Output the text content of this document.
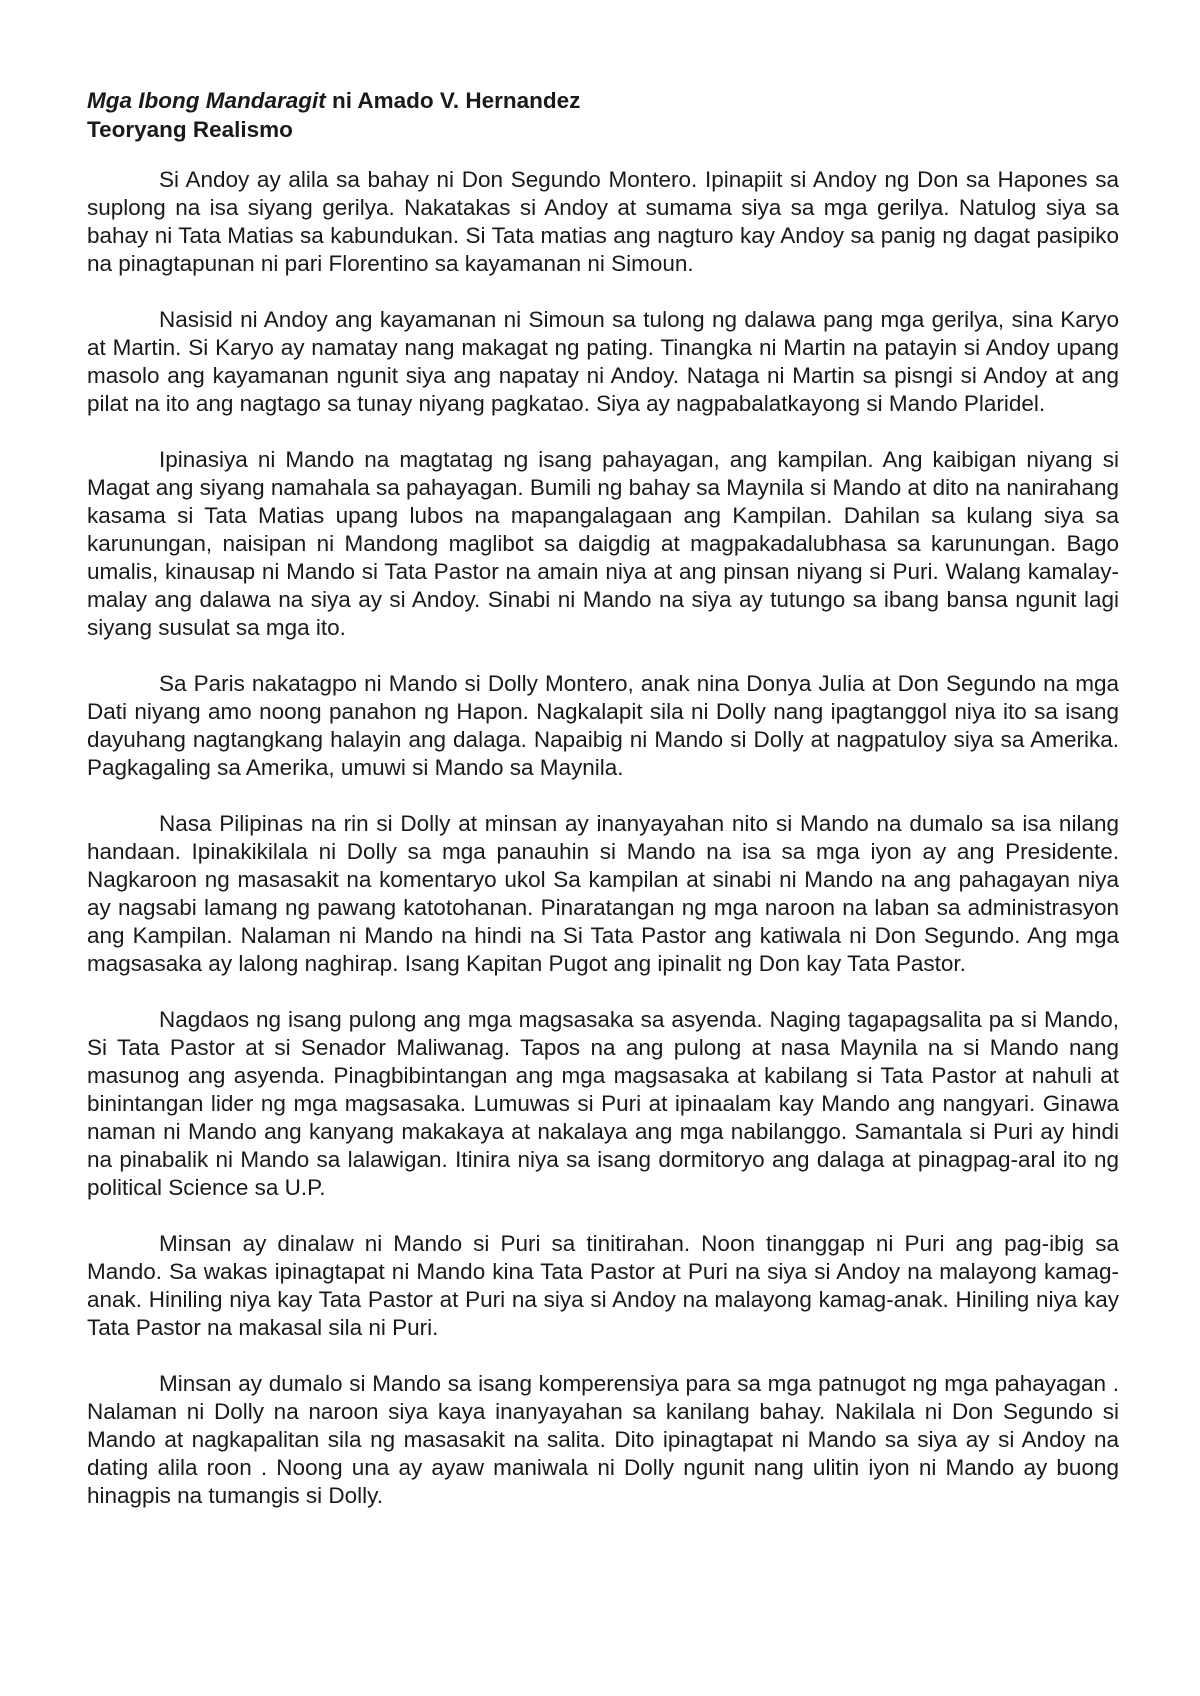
Mga Ibong Mandaragit ni Amado V. Hernandez
Teoryang Realismo

Si Andoy ay alila sa bahay ni Don Segundo Montero. Ipinapiit si Andoy ng Don sa Hapones sa suplong na isa siyang gerilya. Nakatakas si Andoy at sumama siya sa mga gerilya. Natulog siya sa bahay ni Tata Matias sa kabundukan. Si Tata matias ang nagturo kay Andoy sa panig ng dagat pasipiko na pinagtapunan ni pari Florentino sa kayamanan ni Simoun.

Nasisid ni Andoy ang kayamanan ni Simoun sa tulong ng dalawa pang mga gerilya, sina Karyo at Martin. Si Karyo ay namatay nang makagat ng pating. Tinangka ni Martin na patayin si Andoy upang masolo ang kayamanan ngunit siya ang napatay ni Andoy. Nataga ni Martin sa pisngi si Andoy at ang pilat na ito ang nagtago sa tunay niyang pagkatao. Siya ay nagpabalatkayong si Mando Plaridel.

Ipinasiya ni Mando na magtatag ng isang pahayagan, ang kampilan. Ang kaibigan niyang si Magat ang siyang namahala sa pahayagan. Bumili ng bahay sa Maynila si Mando at dito na nanirahang kasama si Tata Matias upang lubos na mapangalagaan ang Kampilan. Dahilan sa kulang siya sa karunungan, naisipan ni Mandong maglibot sa daigdig at magpakadalubhasa sa karunungan. Bago umalis, kinausap ni Mando si Tata Pastor na amain niya at ang pinsan niyang si Puri. Walang kamalay-malay ang dalawa na siya ay si Andoy. Sinabi ni Mando na siya ay tutungo sa ibang bansa ngunit lagi siyang susulat sa mga ito.

Sa Paris nakatagpo ni Mando si Dolly Montero, anak nina Donya Julia at Don Segundo na mga Dati niyang amo noong panahon ng Hapon. Nagkalapit sila ni Dolly nang ipagtanggol niya ito sa isang dayuhang nagtangkang halayin ang dalaga. Napaibig ni Mando si Dolly at nagpatuloy siya sa Amerika. Pagkagaling sa Amerika, umuwi si Mando sa Maynila.

Nasa Pilipinas na rin si Dolly at minsan ay inanyayahan nito si Mando na dumalo sa isa nilang handaan. Ipinakikilala ni Dolly sa mga panauhin si Mando na isa sa mga iyon ay ang Presidente. Nagkaroon ng masasakit na komentaryo ukol Sa kampilan at sinabi ni Mando na ang pahagayan niya ay nagsabi lamang ng pawang katotohanan. Pinaratangan ng mga naroon na laban sa administrasyon ang Kampilan. Nalaman ni Mando na hindi na Si Tata Pastor ang katiwala ni Don Segundo. Ang mga magsasaka ay lalong naghirap. Isang Kapitan Pugot ang ipinalit ng Don kay Tata Pastor.

Nagdaos ng isang pulong ang mga magsasaka sa asyenda. Naging tagapagsalita pa si Mando, Si Tata Pastor at si Senador Maliwanag. Tapos na ang pulong at nasa Maynila na si Mando nang masunog ang asyenda. Pinagbibintangan ang mga magsasaka at kabilang si Tata Pastor at nahuli at binintangan lider ng mga magsasaka. Lumuwas si Puri at ipinaalam kay Mando ang nangyari. Ginawa naman ni Mando ang kanyang makakaya at nakalaya ang mga nabilanggo. Samantala si Puri ay hindi na pinabalik ni Mando sa lalawigan. Itinira niya sa isang dormitoryo ang dalaga at pinagpag-aral ito ng political Science sa U.P.

Minsan ay dinalaw ni Mando si Puri sa tinitirahan. Noon tinanggap ni Puri ang pag-ibig sa Mando. Sa wakas ipinagtapat ni Mando kina Tata Pastor at Puri na siya si Andoy na malayong kamag-anak. Hiniling niya kay Tata Pastor at Puri na siya si Andoy na malayong kamag-anak. Hiniling niya kay Tata Pastor na makasal sila ni Puri.

Minsan ay dumalo si Mando sa isang komperensiya para sa mga patnugot ng mga pahayagan . Nalaman ni Dolly na naroon siya kaya inanyayahan sa kanilang bahay. Nakilala ni Don Segundo si Mando at nagkapalitan sila ng masasakit na salita. Dito ipinagtapat ni Mando sa siya ay si Andoy na dating alila roon . Noong una ay ayaw maniwala ni Dolly ngunit nang ulitin iyon ni Mando ay buong hinagpis na tumangis si Dolly.
